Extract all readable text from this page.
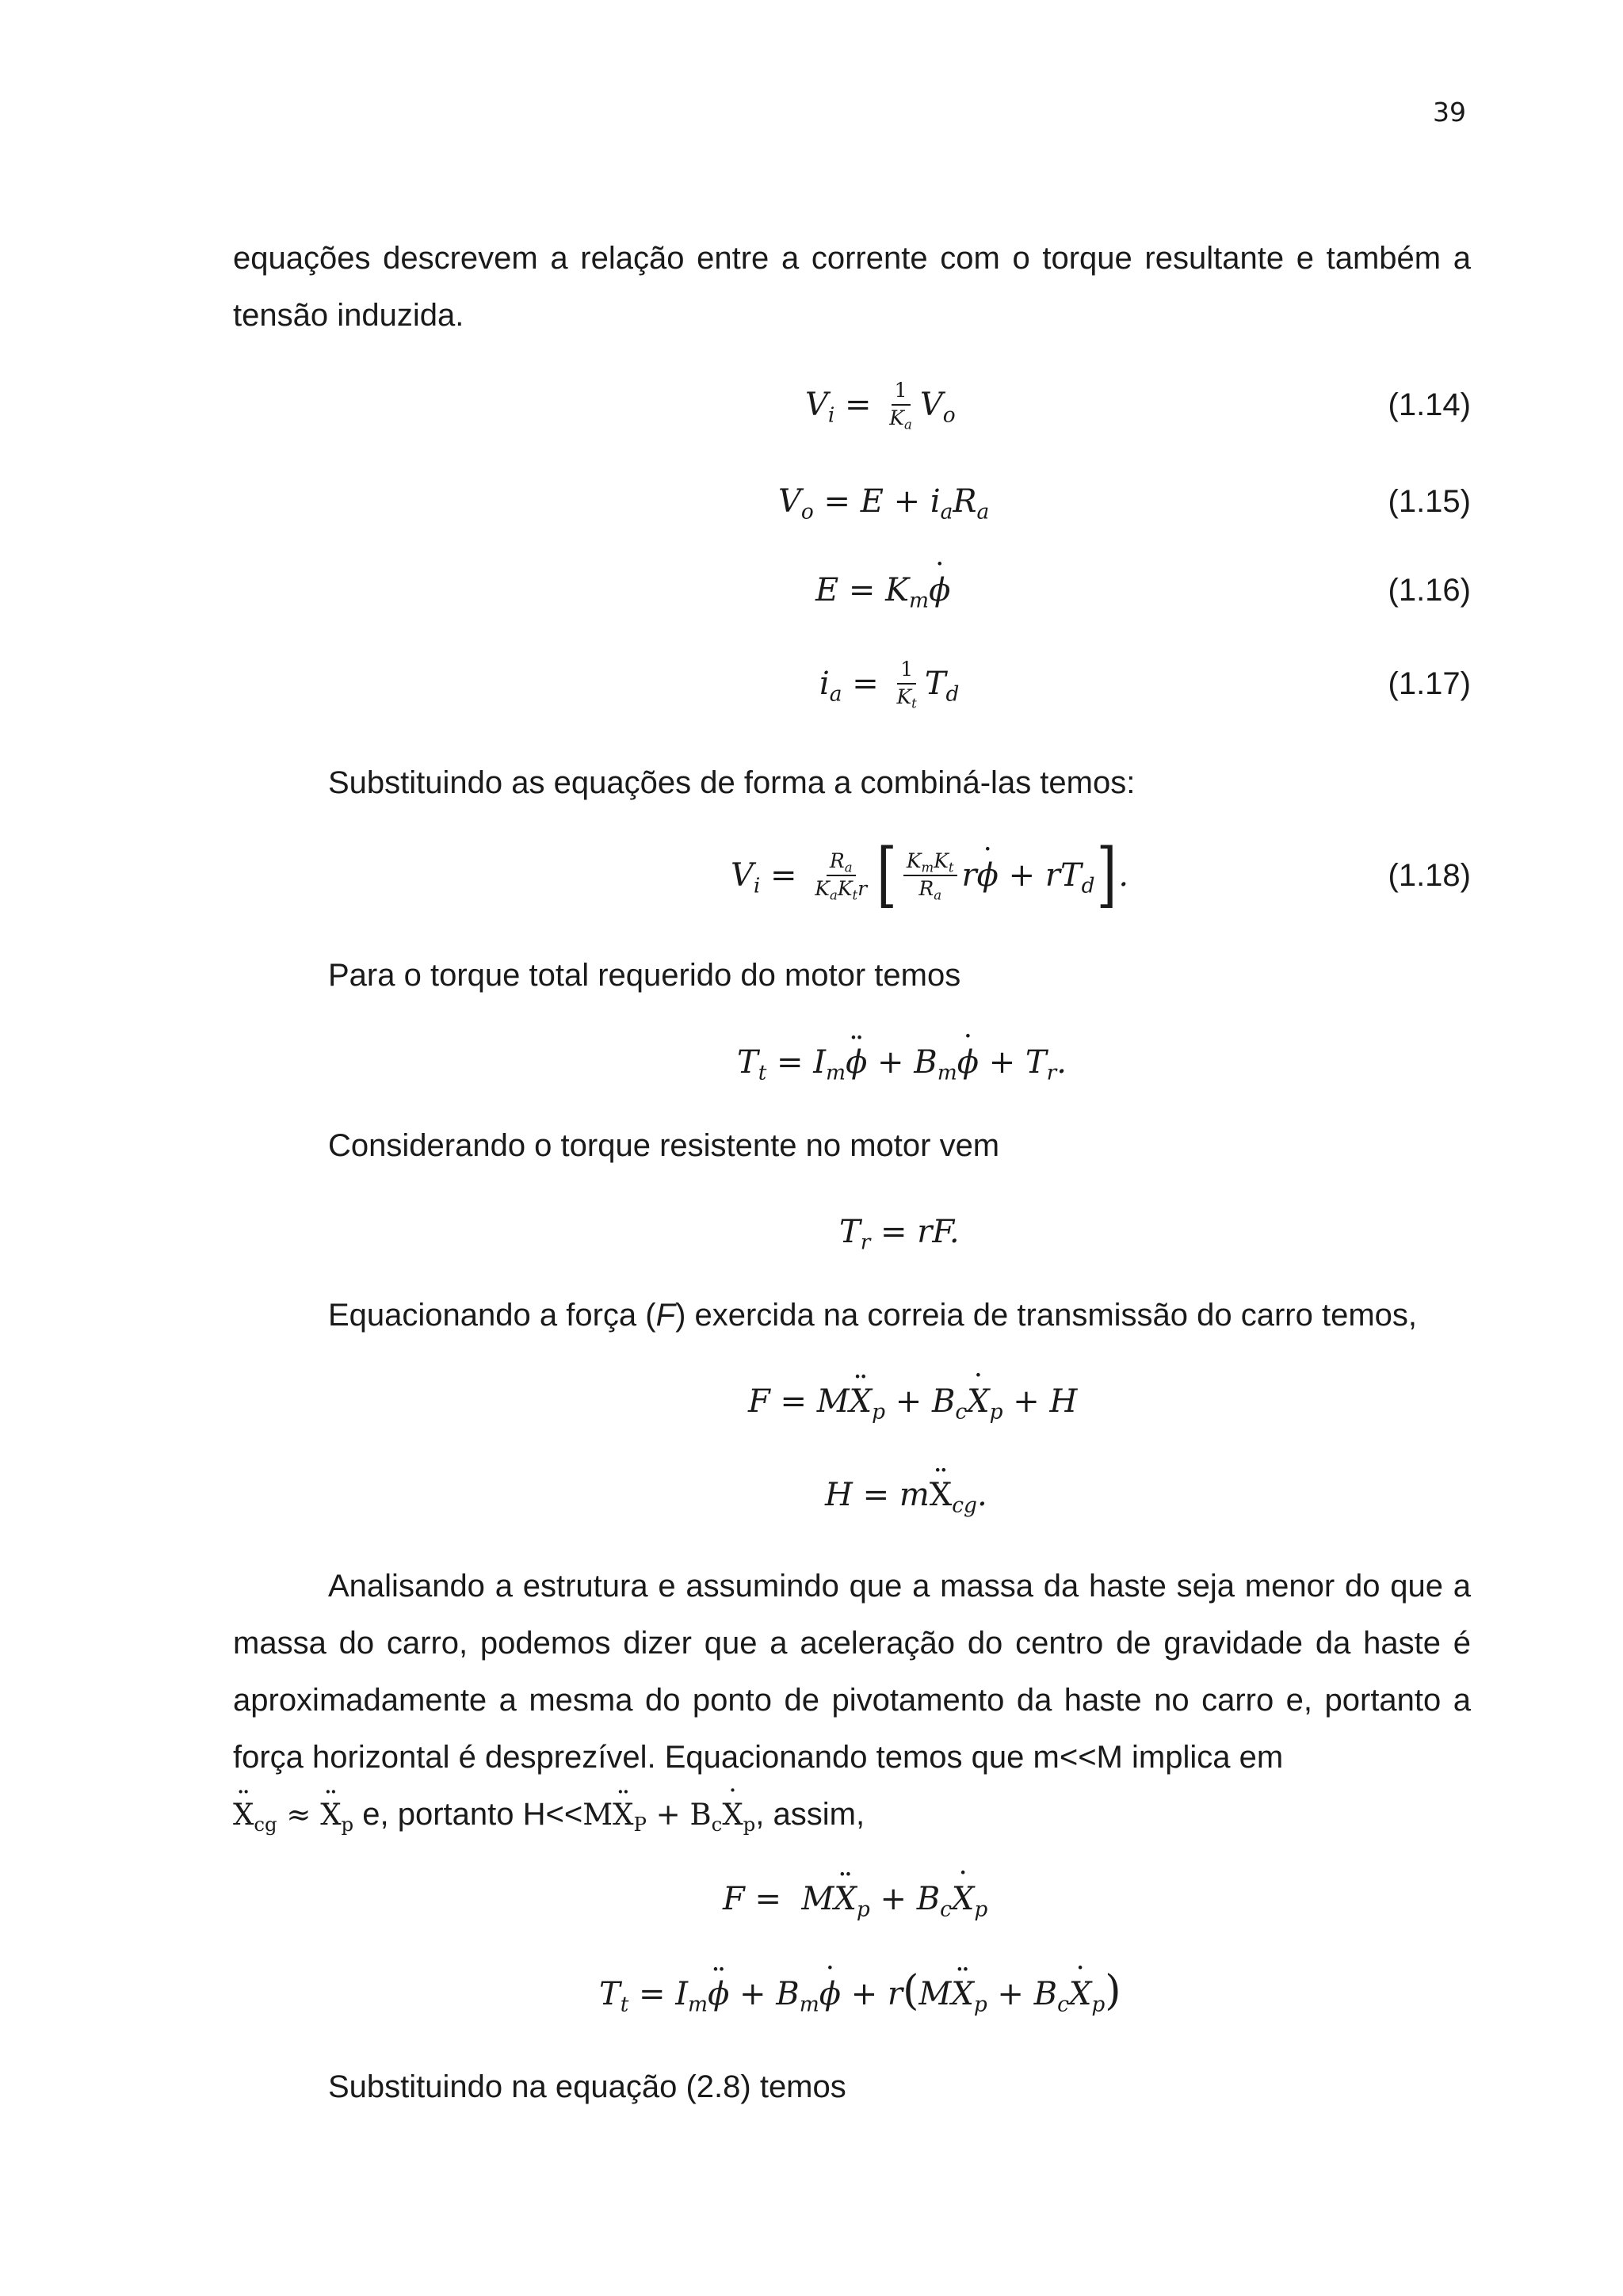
39

equações descrevem a relação entre a corrente com o torque resultante e também a tensão induzida.

$V_i = \frac{1}{K_a} V_o$	(1.14)
$V_o = E + i_aR_a$	(1.15)
$E = K_m˙$ ϕ	(1.16)
$i_a = \frac{1}{K_t} T_d$	(1.17)
Substituindo as equações de forma a combiná-las temos:
$V_i = \frac{R_a}{K_aK_tr}$ [ $\frac{K_mK_t}{R_a}$ r˙ $\phi + rT_d$ ] .	(1.18)
Para o torque total requerido do motor temos
$T_t$ = $I_m¨$ $\phi + B_m˙$ $\phi + T_r$.
Considerando o torque resistente no motor vem
$T_r$ = rF.
Equacionando a força (F) exercida na correia de transmissão do carro temos,
F = M¨ $X_p$ + $B_c˙$ $X_p + H$
H = m¨ $X_{cg}$.

Analisando a estrutura e assumindo que a massa da haste seja menor do que a massa do carro, podemos dizer que a aceleração do centro de gravidade da haste é aproximadamente a mesma do ponto de pivotamento da haste no carro e, portanto a força horizontal é desprezível. Equacionando temos que m<<M implica em

¨ $X_{cg}$ ≈ ¨ $X_p$ e, portanto H<<M¨ $X_P$ + $B_c˙$ $X_p$, assim,
F =  M¨ $X_p$ + $B_c˙$ $X_p$
$T_t$ = $I_m¨$ $\phi + B_m˙$ ϕ + r(M¨ $X_p$ + $B_c˙$ $X_p$)
Substituindo na equação (2.8) temos
